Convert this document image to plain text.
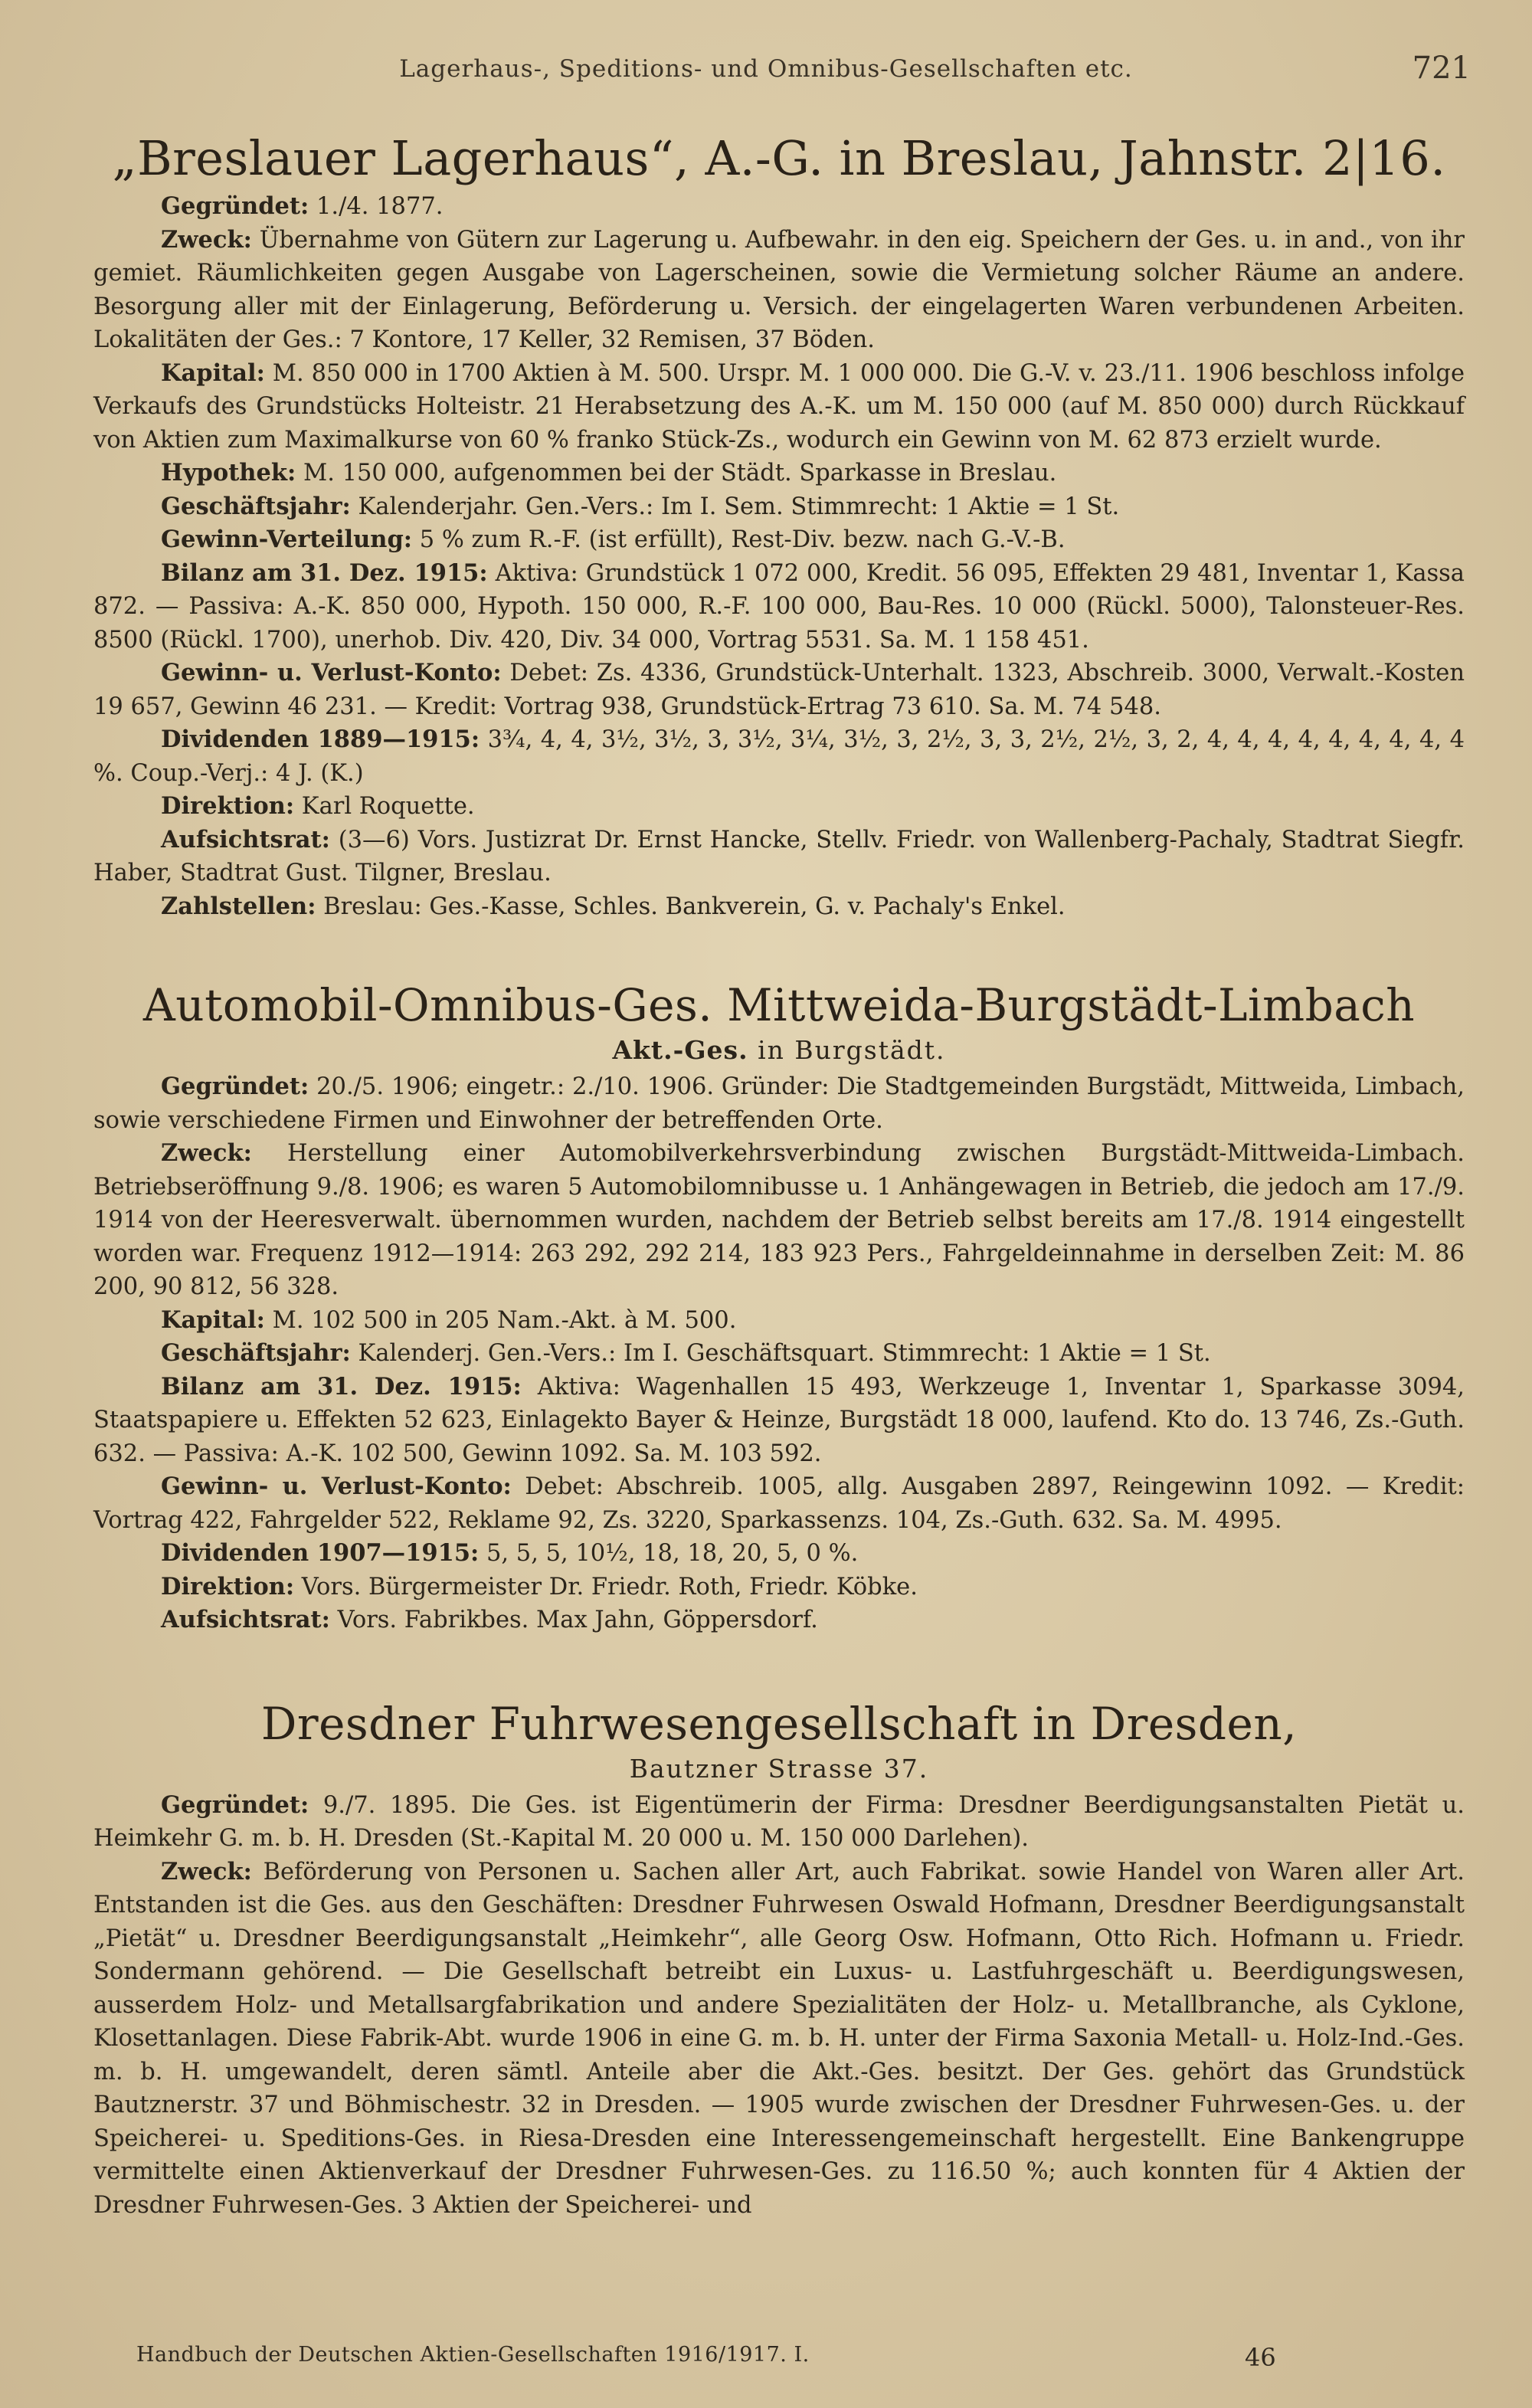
Lagerhaus-, Speditions- und Omnibus-Gesellschaften etc.	721
„Breslauer Lagerhaus“, A.-G. in Breslau, Jahnstr. 2|16.

Gegründet: 1./4. 1877.

Zweck: Übernahme von Gütern zur Lagerung u. Aufbewahr. in den eig. Speichern der Ges. u. in and., von ihr gemiet. Räumlichkeiten gegen Ausgabe von Lagerscheinen, sowie die Vermietung solcher Räume an andere. Besorgung aller mit der Einlagerung, Beförderung u. Versich. der eingelagerten Waren verbundenen Arbeiten. Lokalitäten der Ges.: 7 Kontore, 17 Keller, 32 Remisen, 37 Böden.

Kapital: M. 850 000 in 1700 Aktien à M. 500. Urspr. M. 1 000 000. Die G.-V. v. 23./11. 1906 beschloss infolge Verkaufs des Grundstücks Holteistr. 21 Herabsetzung des A.-K. um M. 150 000 (auf M. 850 000) durch Rückkauf von Aktien zum Maximalkurse von 60 % franko Stück-Zs., wodurch ein Gewinn von M. 62 873 erzielt wurde.

Hypothek: M. 150 000, aufgenommen bei der Städt. Sparkasse in Breslau.

Geschäftsjahr: Kalenderjahr. Gen.-Vers.: Im I. Sem. Stimmrecht: 1 Aktie = 1 St.

Gewinn-Verteilung: 5 % zum R.-F. (ist erfüllt), Rest-Div. bezw. nach G.-V.-B.

Bilanz am 31. Dez. 1915: Aktiva: Grundstück 1 072 000, Kredit. 56 095, Effekten 29 481, Inventar 1, Kassa 872. — Passiva: A.-K. 850 000, Hypoth. 150 000, R.-F. 100 000, Bau-Res. 10 000 (Rückl. 5000), Talonsteuer-Res. 8500 (Rückl. 1700), unerhob. Div. 420, Div. 34 000, Vortrag 5531. Sa. M. 1 158 451.

Gewinn- u. Verlust-Konto: Debet: Zs. 4336, Grundstück-Unterhalt. 1323, Abschreib. 3000, Verwalt.-Kosten 19 657, Gewinn 46 231. — Kredit: Vortrag 938, Grundstück-Ertrag 73 610. Sa. M. 74 548.

Dividenden 1889—1915: 3¾, 4, 4, 3½, 3½, 3, 3½, 3¼, 3½, 3, 2½, 3, 3, 2½, 2½, 3, 2, 4, 4, 4, 4, 4, 4, 4, 4, 4 %. Coup.-Verj.: 4 J. (K.)

Direktion: Karl Roquette.

Aufsichtsrat: (3—6) Vors. Justizrat Dr. Ernst Hancke, Stellv. Friedr. von Wallenberg-Pachaly, Stadtrat Siegfr. Haber, Stadtrat Gust. Tilgner, Breslau.

Zahlstellen: Breslau: Ges.-Kasse, Schles. Bankverein, G. v. Pachaly's Enkel.

Automobil-Omnibus-Ges. Mittweida-Burgstädt-Limbach
Akt.-Ges. in Burgstädt.

Gegründet: 20./5. 1906; eingetr.: 2./10. 1906. Gründer: Die Stadtgemeinden Burgstädt, Mittweida, Limbach, sowie verschiedene Firmen und Einwohner der betreffenden Orte.

Zweck: Herstellung einer Automobilverkehrsverbindung zwischen Burgstädt-Mittweida-Limbach. Betriebseröffnung 9./8. 1906; es waren 5 Automobilomnibusse u. 1 Anhängewagen in Betrieb, die jedoch am 17./9. 1914 von der Heeresverwalt. übernommen wurden, nachdem der Betrieb selbst bereits am 17./8. 1914 eingestellt worden war. Frequenz 1912—1914: 263 292, 292 214, 183 923 Pers., Fahrgeldeinnahme in derselben Zeit: M. 86 200, 90 812, 56 328.

Kapital: M. 102 500 in 205 Nam.-Akt. à M. 500.

Geschäftsjahr: Kalenderj. Gen.-Vers.: Im I. Geschäftsquart. Stimmrecht: 1 Aktie = 1 St.

Bilanz am 31. Dez. 1915: Aktiva: Wagenhallen 15 493, Werkzeuge 1, Inventar 1, Sparkasse 3094, Staatspapiere u. Effekten 52 623, Einlagekto Bayer & Heinze, Burgstädt 18 000, laufend. Kto do. 13 746, Zs.-Guth. 632. — Passiva: A.-K. 102 500, Gewinn 1092. Sa. M. 103 592.

Gewinn- u. Verlust-Konto: Debet: Abschreib. 1005, allg. Ausgaben 2897, Reingewinn 1092. — Kredit: Vortrag 422, Fahrgelder 522, Reklame 92, Zs. 3220, Sparkassenzs. 104, Zs.-Guth. 632. Sa. M. 4995.

Dividenden 1907—1915: 5, 5, 5, 10½, 18, 18, 20, 5, 0 %.

Direktion: Vors. Bürgermeister Dr. Friedr. Roth, Friedr. Köbke.

Aufsichtsrat: Vors. Fabrikbes. Max Jahn, Göppersdorf.

Dresdner Fuhrwesengesellschaft in Dresden,
Bautzner Strasse 37.

Gegründet: 9./7. 1895. Die Ges. ist Eigentümerin der Firma: Dresdner Beerdigungsanstalten Pietät u. Heimkehr G. m. b. H. Dresden (St.-Kapital M. 20 000 u. M. 150 000 Darlehen).

Zweck: Beförderung von Personen u. Sachen aller Art, auch Fabrikat. sowie Handel von Waren aller Art. Entstanden ist die Ges. aus den Geschäften: Dresdner Fuhrwesen Oswald Hofmann, Dresdner Beerdigungsanstalt „Pietät“ u. Dresdner Beerdigungsanstalt „Heimkehr“, alle Georg Osw. Hofmann, Otto Rich. Hofmann u. Friedr. Sondermann gehörend. — Die Gesellschaft betreibt ein Luxus- u. Lastfuhrgeschäft u. Beerdigungswesen, ausserdem Holz- und Metallsargfabrikation und andere Spezialitäten der Holz- u. Metallbranche, als Cyklone, Klosettanlagen. Diese Fabrik-Abt. wurde 1906 in eine G. m. b. H. unter der Firma Saxonia Metall- u. Holz-Ind.-Ges. m. b. H. umgewandelt, deren sämtl. Anteile aber die Akt.-Ges. besitzt. Der Ges. gehört das Grundstück Bautznerstr. 37 und Böhmischestr. 32 in Dresden. — 1905 wurde zwischen der Dresdner Fuhrwesen-Ges. u. der Speicherei- u. Speditions-Ges. in Riesa-Dresden eine Interessengemeinschaft hergestellt. Eine Bankengruppe vermittelte einen Aktienverkauf der Dresdner Fuhrwesen-Ges. zu 116.50 %; auch konnten für 4 Aktien der Dresdner Fuhrwesen-Ges. 3 Aktien der Speicherei- und

Handbuch der Deutschen Aktien-Gesellschaften 1916/1917. I.	46
